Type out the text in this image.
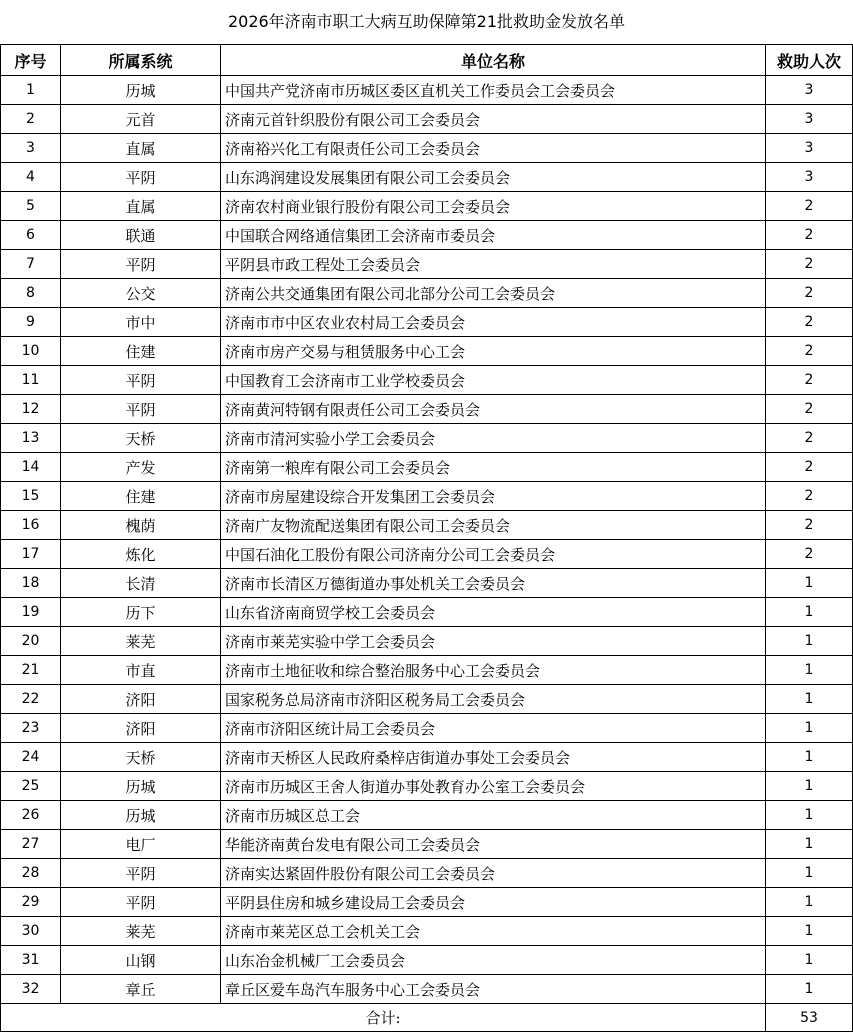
2026年济南市职工大病互助保障第21批救助金发放名单
序号	所属系统	单位名称	救助人次
1	历城	中国共产党济南市历城区委区直机关工作委员会工会委员会	3
2	元首	济南元首针织股份有限公司工会委员会	3
3	直属	济南裕兴化工有限责任公司工会委员会	3
4	平阴	山东鸿润建设发展集团有限公司工会委员会	3
5	直属	济南农村商业银行股份有限公司工会委员会	2
6	联通	中国联合网络通信集团工会济南市委员会	2
7	平阴	平阴县市政工程处工会委员会	2
8	公交	济南公共交通集团有限公司北部分公司工会委员会	2
9	市中	济南市市中区农业农村局工会委员会	2
10	住建	济南市房产交易与租赁服务中心工会	2
11	平阴	中国教育工会济南市工业学校委员会	2
12	平阴	济南黄河特钢有限责任公司工会委员会	2
13	天桥	济南市清河实验小学工会委员会	2
14	产发	济南第一粮库有限公司工会委员会	2
15	住建	济南市房屋建设综合开发集团工会委员会	2
16	槐荫	济南广友物流配送集团有限公司工会委员会	2
17	炼化	中国石油化工股份有限公司济南分公司工会委员会	2
18	长清	济南市长清区万德街道办事处机关工会委员会	1
19	历下	山东省济南商贸学校工会委员会	1
20	莱芜	济南市莱芜实验中学工会委员会	1
21	市直	济南市土地征收和综合整治服务中心工会委员会	1
22	济阳	国家税务总局济南市济阳区税务局工会委员会	1
23	济阳	济南市济阳区统计局工会委员会	1
24	天桥	济南市天桥区人民政府桑梓店街道办事处工会委员会	1
25	历城	济南市历城区王舍人街道办事处教育办公室工会委员会	1
26	历城	济南市历城区总工会	1
27	电厂	华能济南黄台发电有限公司工会委员会	1
28	平阴	济南实达紧固件股份有限公司工会委员会	1
29	平阴	平阴县住房和城乡建设局工会委员会	1
30	莱芜	济南市莱芜区总工会机关工会	1
31	山钢	山东冶金机械厂工会委员会	1
32	章丘	章丘区爱车岛汽车服务中心工会委员会	1
合计:			53
